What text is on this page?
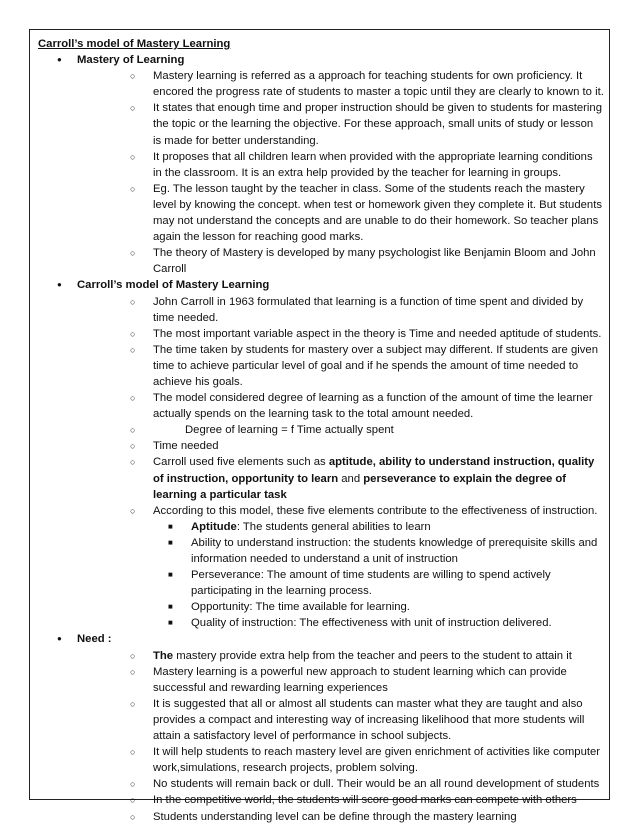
Carroll’s model of Mastery Learning

● Mastery of Learning
○ Mastery learning is referred as a approach for teaching students for own proficiency. It encored the progress rate of students to master a topic until they are clearly to known to it.
○ It states that enough time and proper instruction should be given to students for mastering the topic or the learning the objective. For these approach, small units of study or lesson is made for better understanding.
○ It proposes that all children learn when provided with the appropriate learning conditions in the classroom. It is an extra help provided by the teacher for learning in groups.
○ Eg. The lesson taught by the teacher in class. Some of the students reach the mastery level by knowing the concept. when test or homework given they complete it. But students may not understand the concepts and are unable to do their homework. So teacher plans again the lesson for reaching good marks.
○ The theory of Mastery is developed by many psychologist like Benjamin Bloom and John Carroll
● Carroll’s model of Mastery Learning
○ John Carroll in 1963 formulated that learning is a function of time spent and divided by time needed.
○ The most important variable aspect in the theory is Time and needed aptitude of students.
○ The time taken by students for mastery over a subject may different. If students are given time to achieve particular level of goal and if he spends the amount of time needed to achieve his goals.
○ The model considered degree of learning as a function of the amount of time the learner actually spends on the learning task to the total amount needed.
○ Degree of learning = f Time actually spent
○ Time needed
○ Carroll used five elements such as aptitude, ability to understand instruction, quality of instruction, opportunity to learn and perseverance to explain the degree of learning a particular task
○ According to this model, these five elements contribute to the effectiveness of instruction.
■ Aptitude: The students general abilities to learn
■ Ability to understand instruction: the students knowledge of prerequisite skills and information needed to understand a unit of instruction
■ Perseverance: The amount of time students are willing to spend actively participating in the learning process.
■ Opportunity: The time available for learning.
■ Quality of instruction: The effectiveness with unit of instruction delivered.
● Need :
○ The mastery provide extra help from the teacher and peers to the student to attain it
○ Mastery learning is a powerful new approach to student learning which can provide successful and rewarding learning experiences
○ It is suggested that all or almost all students can master what they are taught and also provides a compact and interesting way of increasing likelihood that more students will attain a satisfactory level of performance in school subjects.
○ It will help students to reach mastery level are given enrichment of activities like computer work,simulations, research projects, problem solving.
○ No students will remain back or dull. Their would be an all round development of students
○ In the competitive world, the students will score good marks can compete with others
○ Students understanding level can be define through the mastery learning
